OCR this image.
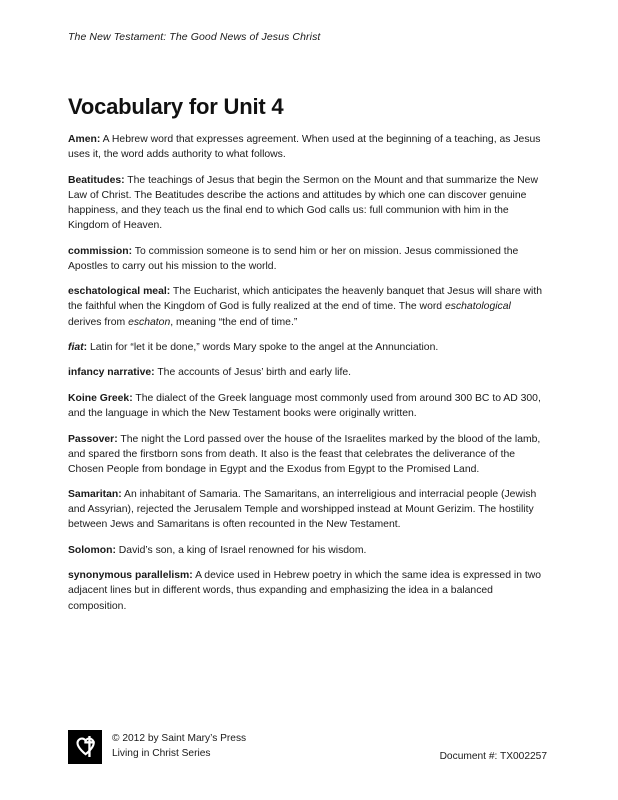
The New Testament: The Good News of Jesus Christ
Vocabulary for Unit 4

Amen: A Hebrew word that expresses agreement. When used at the beginning of a teaching, as Jesus uses it, the word adds authority to what follows.

Beatitudes: The teachings of Jesus that begin the Sermon on the Mount and that summarize the New Law of Christ. The Beatitudes describe the actions and attitudes by which one can discover genuine happiness, and they teach us the final end to which God calls us: full communion with him in the Kingdom of Heaven.

commission: To commission someone is to send him or her on mission. Jesus commissioned the Apostles to carry out his mission to the world.

eschatological meal: The Eucharist, which anticipates the heavenly banquet that Jesus will share with the faithful when the Kingdom of God is fully realized at the end of time. The word eschatological derives from eschaton, meaning “the end of time.”

fiat: Latin for “let it be done,” words Mary spoke to the angel at the Annunciation.

infancy narrative: The accounts of Jesus’ birth and early life.

Koine Greek: The dialect of the Greek language most commonly used from around 300 BC to AD 300, and the language in which the New Testament books were originally written.

Passover: The night the Lord passed over the house of the Israelites marked by the blood of the lamb, and spared the firstborn sons from death. It also is the feast that celebrates the deliverance of the Chosen People from bondage in Egypt and the Exodus from Egypt to the Promised Land.

Samaritan: An inhabitant of Samaria. The Samaritans, an interreligious and interracial people (Jewish and Assyrian), rejected the Jerusalem Temple and worshipped instead at Mount Gerizim. The hostility between Jews and Samaritans is often recounted in the New Testament.

Solomon: David’s son, a king of Israel renowned for his wisdom.

synonymous parallelism: A device used in Hebrew poetry in which the same idea is expressed in two adjacent lines but in different words, thus expanding and emphasizing the idea in a balanced composition.

© 2012 by Saint Mary’s Press
Living in Christ Series	Document #: TX002257
